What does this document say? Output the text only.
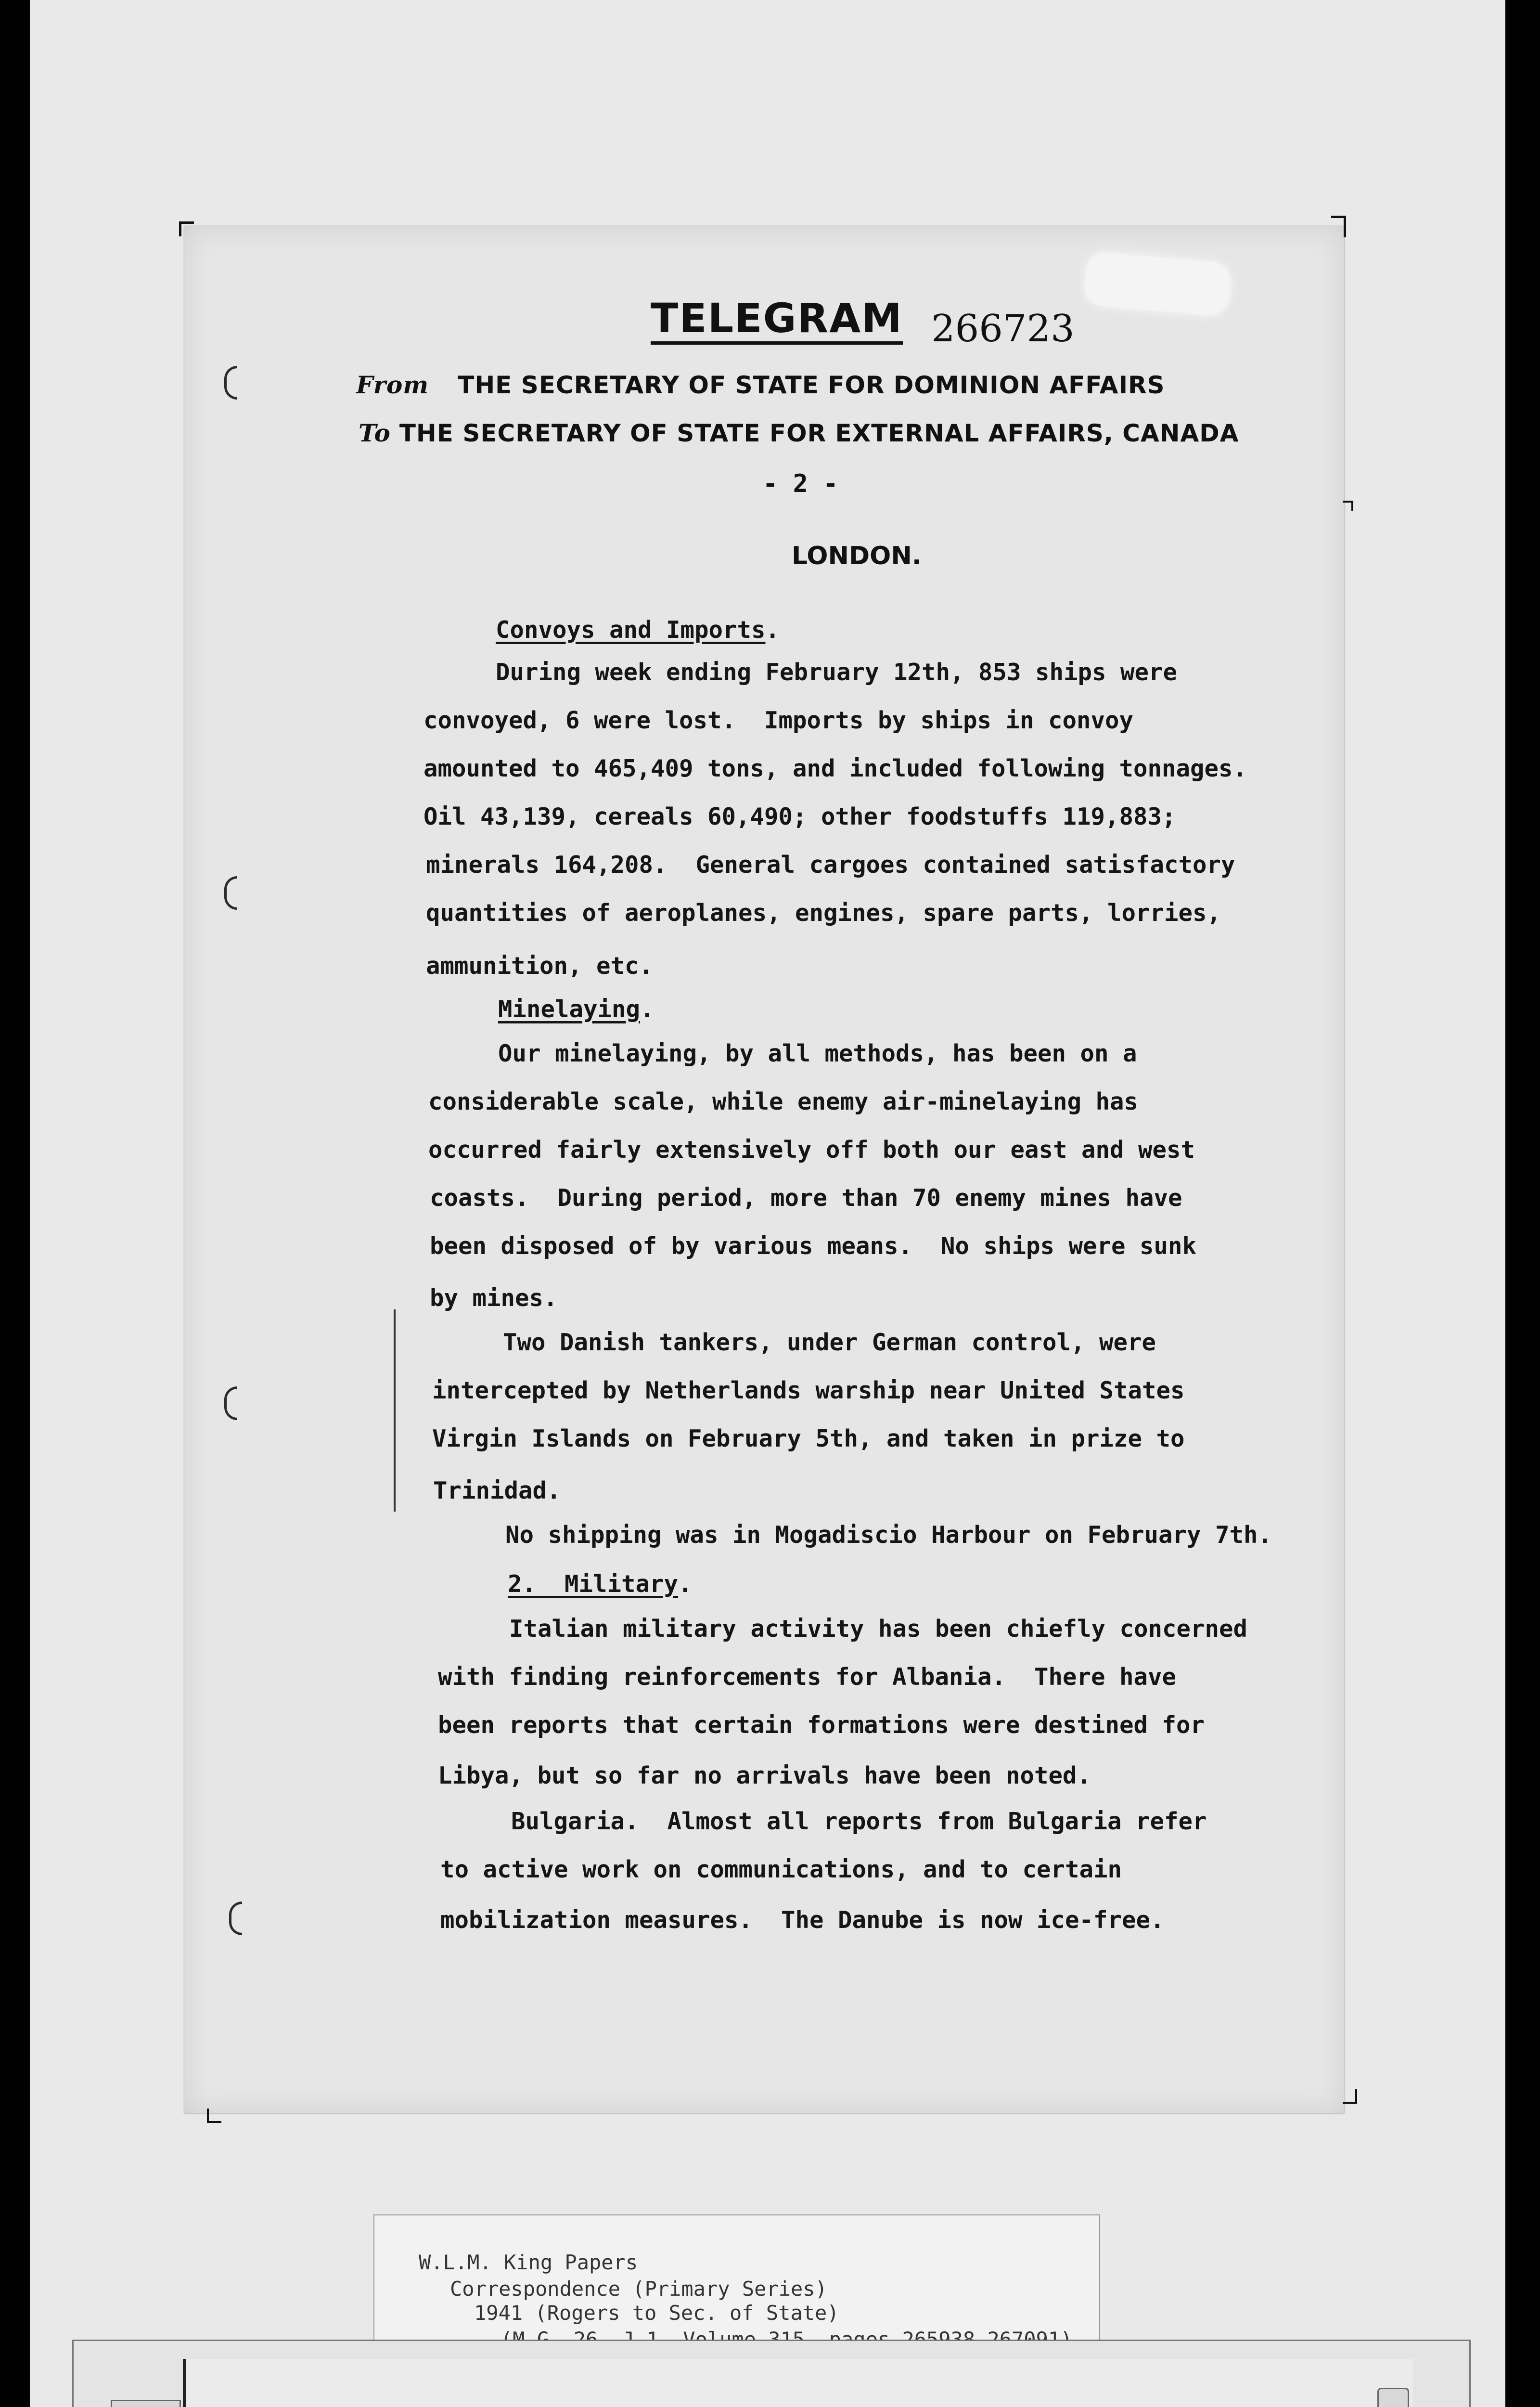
TELEGRAM 266723
From THE SECRETARY OF STATE FOR DOMINION AFFAIRS
To THE SECRETARY OF STATE FOR EXTERNAL AFFAIRS, CANADA
- 2 -
LONDON.

Convoys and Imports.

During week ending February 12th, 853 ships were

convoyed, 6 were lost.  Imports by ships in convoy

amounted to 465,409 tons, and included following tonnages.

Oil 43,139, cereals 60,490; other foodstuffs 119,883;

minerals 164,208.  General cargoes contained satisfactory

quantities of aeroplanes, engines, spare parts, lorries,

ammunition, etc.

Minelaying.

Our minelaying, by all methods, has been on a

considerable scale, while enemy air-minelaying has

occurred fairly extensively off both our east and west

coasts.  During period, more than 70 enemy mines have

been disposed of by various means.  No ships were sunk

by mines.

Two Danish tankers, under German control, were

intercepted by Netherlands warship near United States

Virgin Islands on February 5th, and taken in prize to

Trinidad.

No shipping was in Mogadiscio Harbour on February 7th.

2. Military.

Italian military activity has been chiefly concerned

with finding reinforcements for Albania.  There have

been reports that certain formations were destined for

Libya, but so far no arrivals have been noted.

Bulgaria.  Almost all reports from Bulgaria refer

to active work on communications, and to certain

mobilization measures.  The Danube is now ice-free.

W.L.M. King Papers
Correspondence (Primary Series)
1941 (Rogers to Sec. of State)
